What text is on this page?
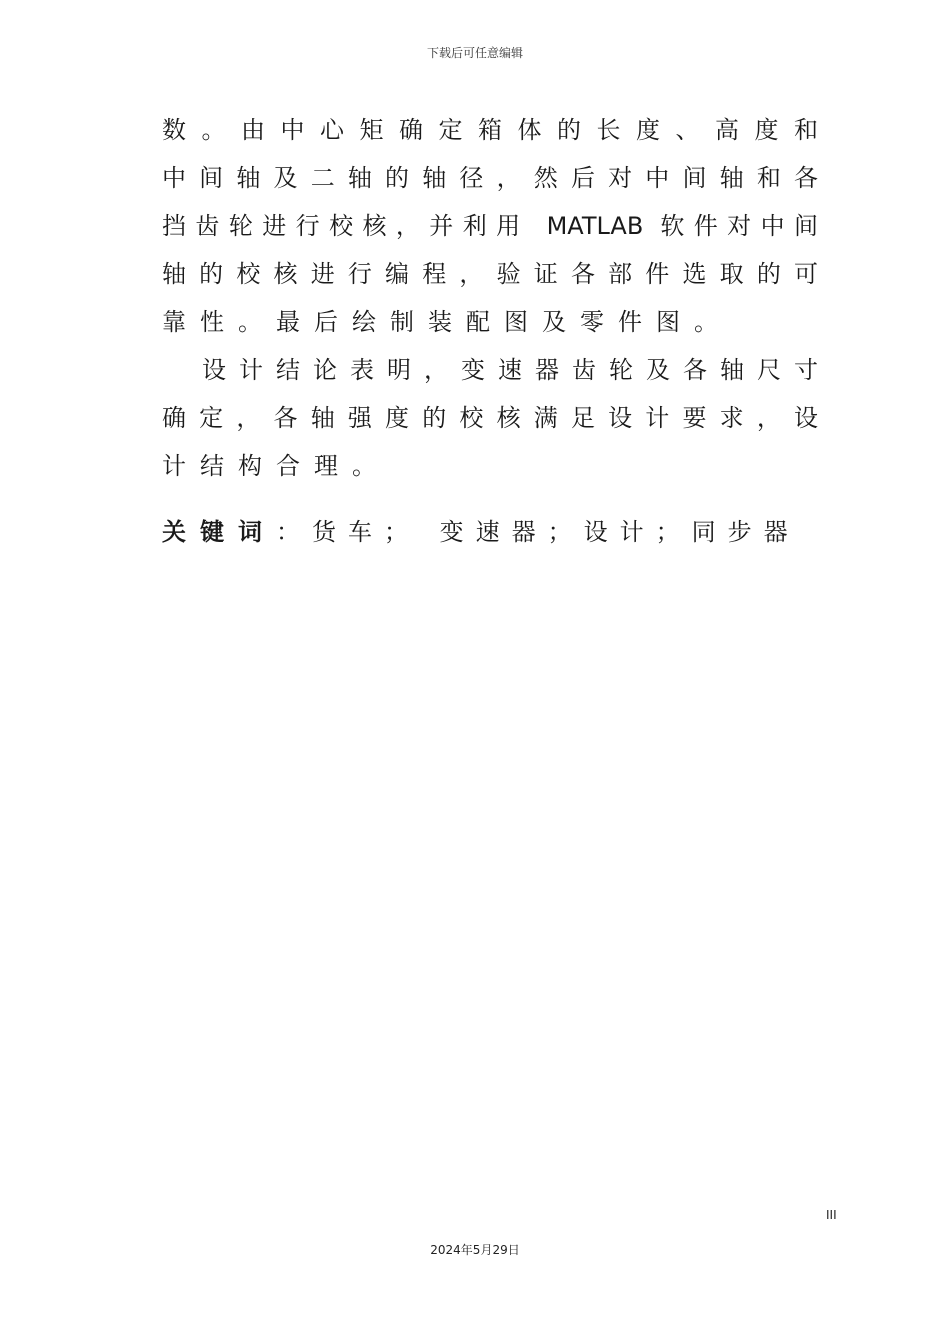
下载后可任意编辑
数。由中心矩确定箱体的长度、高度和
中间轴及二轴的轴径，然后对中间轴和各
挡齿轮进行校核，并利用 MATLAB 软件对中间
轴的校核进行编程，验证各部件选取的可
靠性。最后绘制装配图及零件图。
设计结论表明，变速器齿轮及各轴尺寸
确定，各轴强度的校核满足设计要求，设
计结构合理。
关键词：货车； 变速器；设计；同步器
III
2024年5月29日
